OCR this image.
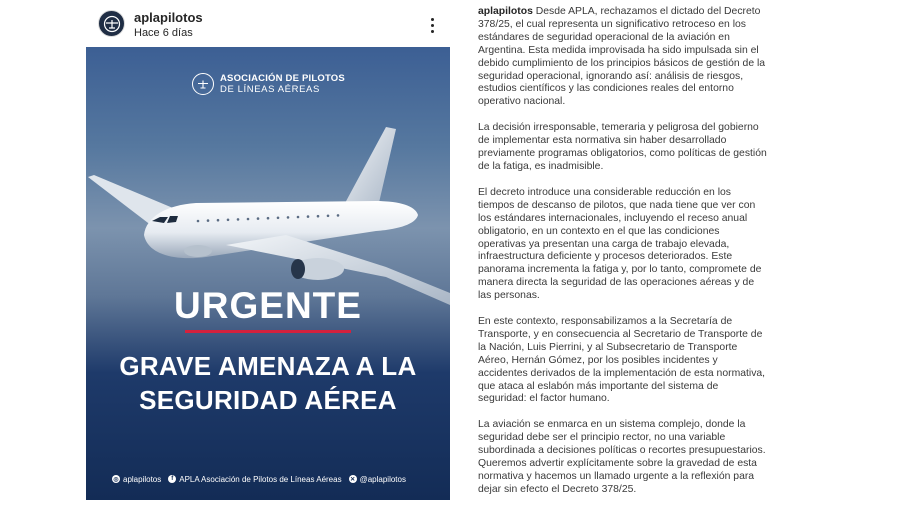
aplapilotos
Hace 6 días
ASOCIACIÓN DE PILOTOS
DE LÍNEAS AÉREAS
URGENTE
GRAVE AMENAZA A LA
SEGURIDAD AÉREA
◎ aplapilotos	f APLA Asociación de Pilotos de Líneas Aéreas ✕ @aplapilotos

aplapilotos Desde APLA, rechazamos el dictado del Decreto 378/25, el cual representa un significativo retroceso en los estándares de seguridad operacional de la aviación en Argentina. Esta medida improvisada ha sido impulsada sin el debido cumplimiento de los principios básicos de gestión de la seguridad operacional, ignorando así: análisis de riesgos, estudios científicos y las condiciones reales del entorno operativo nacional.

La decisión irresponsable, temeraria y peligrosa del gobierno de implementar esta normativa sin haber desarrollado previamente programas obligatorios, como políticas de gestión de la fatiga, es inadmisible.

El decreto introduce una considerable reducción en los tiempos de descanso de pilotos, que nada tiene que ver con los estándares internacionales, incluyendo el receso anual obligatorio, en un contexto en el que las condiciones operativas ya presentan una carga de trabajo elevada, infraestructura deficiente y procesos deteriorados. Este panorama incrementa la fatiga y, por lo tanto, compromete de manera directa la seguridad de las operaciones aéreas y de las personas.

En este contexto, responsabilizamos a la Secretaría de Transporte, y en consecuencia al Secretario de Transporte de la Nación, Luis Pierrini, y al Subsecretario de Transporte Aéreo, Hernán Gómez, por los posibles incidentes y accidentes derivados de la implementación de esta normativa, que ataca al eslabón más importante del sistema de seguridad: el factor humano.

La aviación se enmarca en un sistema complejo, donde la seguridad debe ser el principio rector, no una variable subordinada a decisiones políticas o recortes presupuestarios. Queremos advertir explícitamente sobre la gravedad de esta normativa y hacemos un llamado urgente a la reflexión para dejar sin efecto el Decreto 378/25.
